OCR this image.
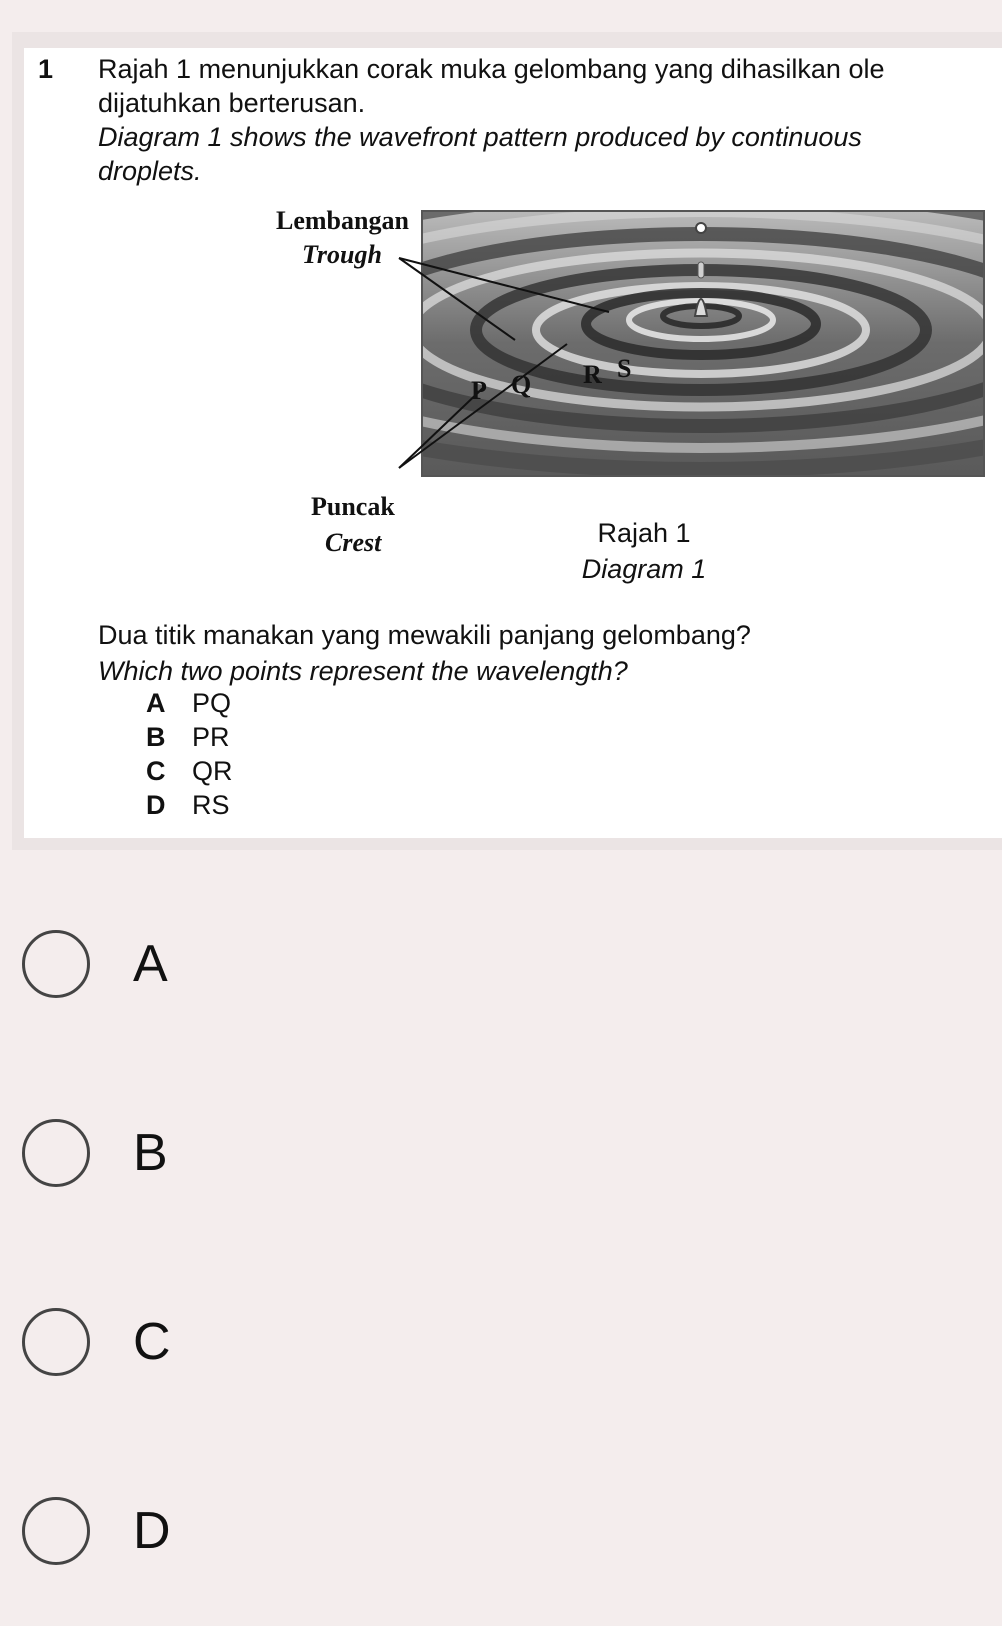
1 Rajah 1 menunjukkan corak muka gelombang yang dihasilkan ole
dijatuhkan berterusan.
Diagram 1 shows the wavefront pattern produced by continuous
droplets.
Lembangan
Trough
Puncak
Crest
P Q R S
Rajah 1
Diagram 1
Dua titik manakan yang mewakili panjang gelombang?
Which two points represent the wavelength?
A PQ
B PR
C QR
D RS
A
B
C
D
